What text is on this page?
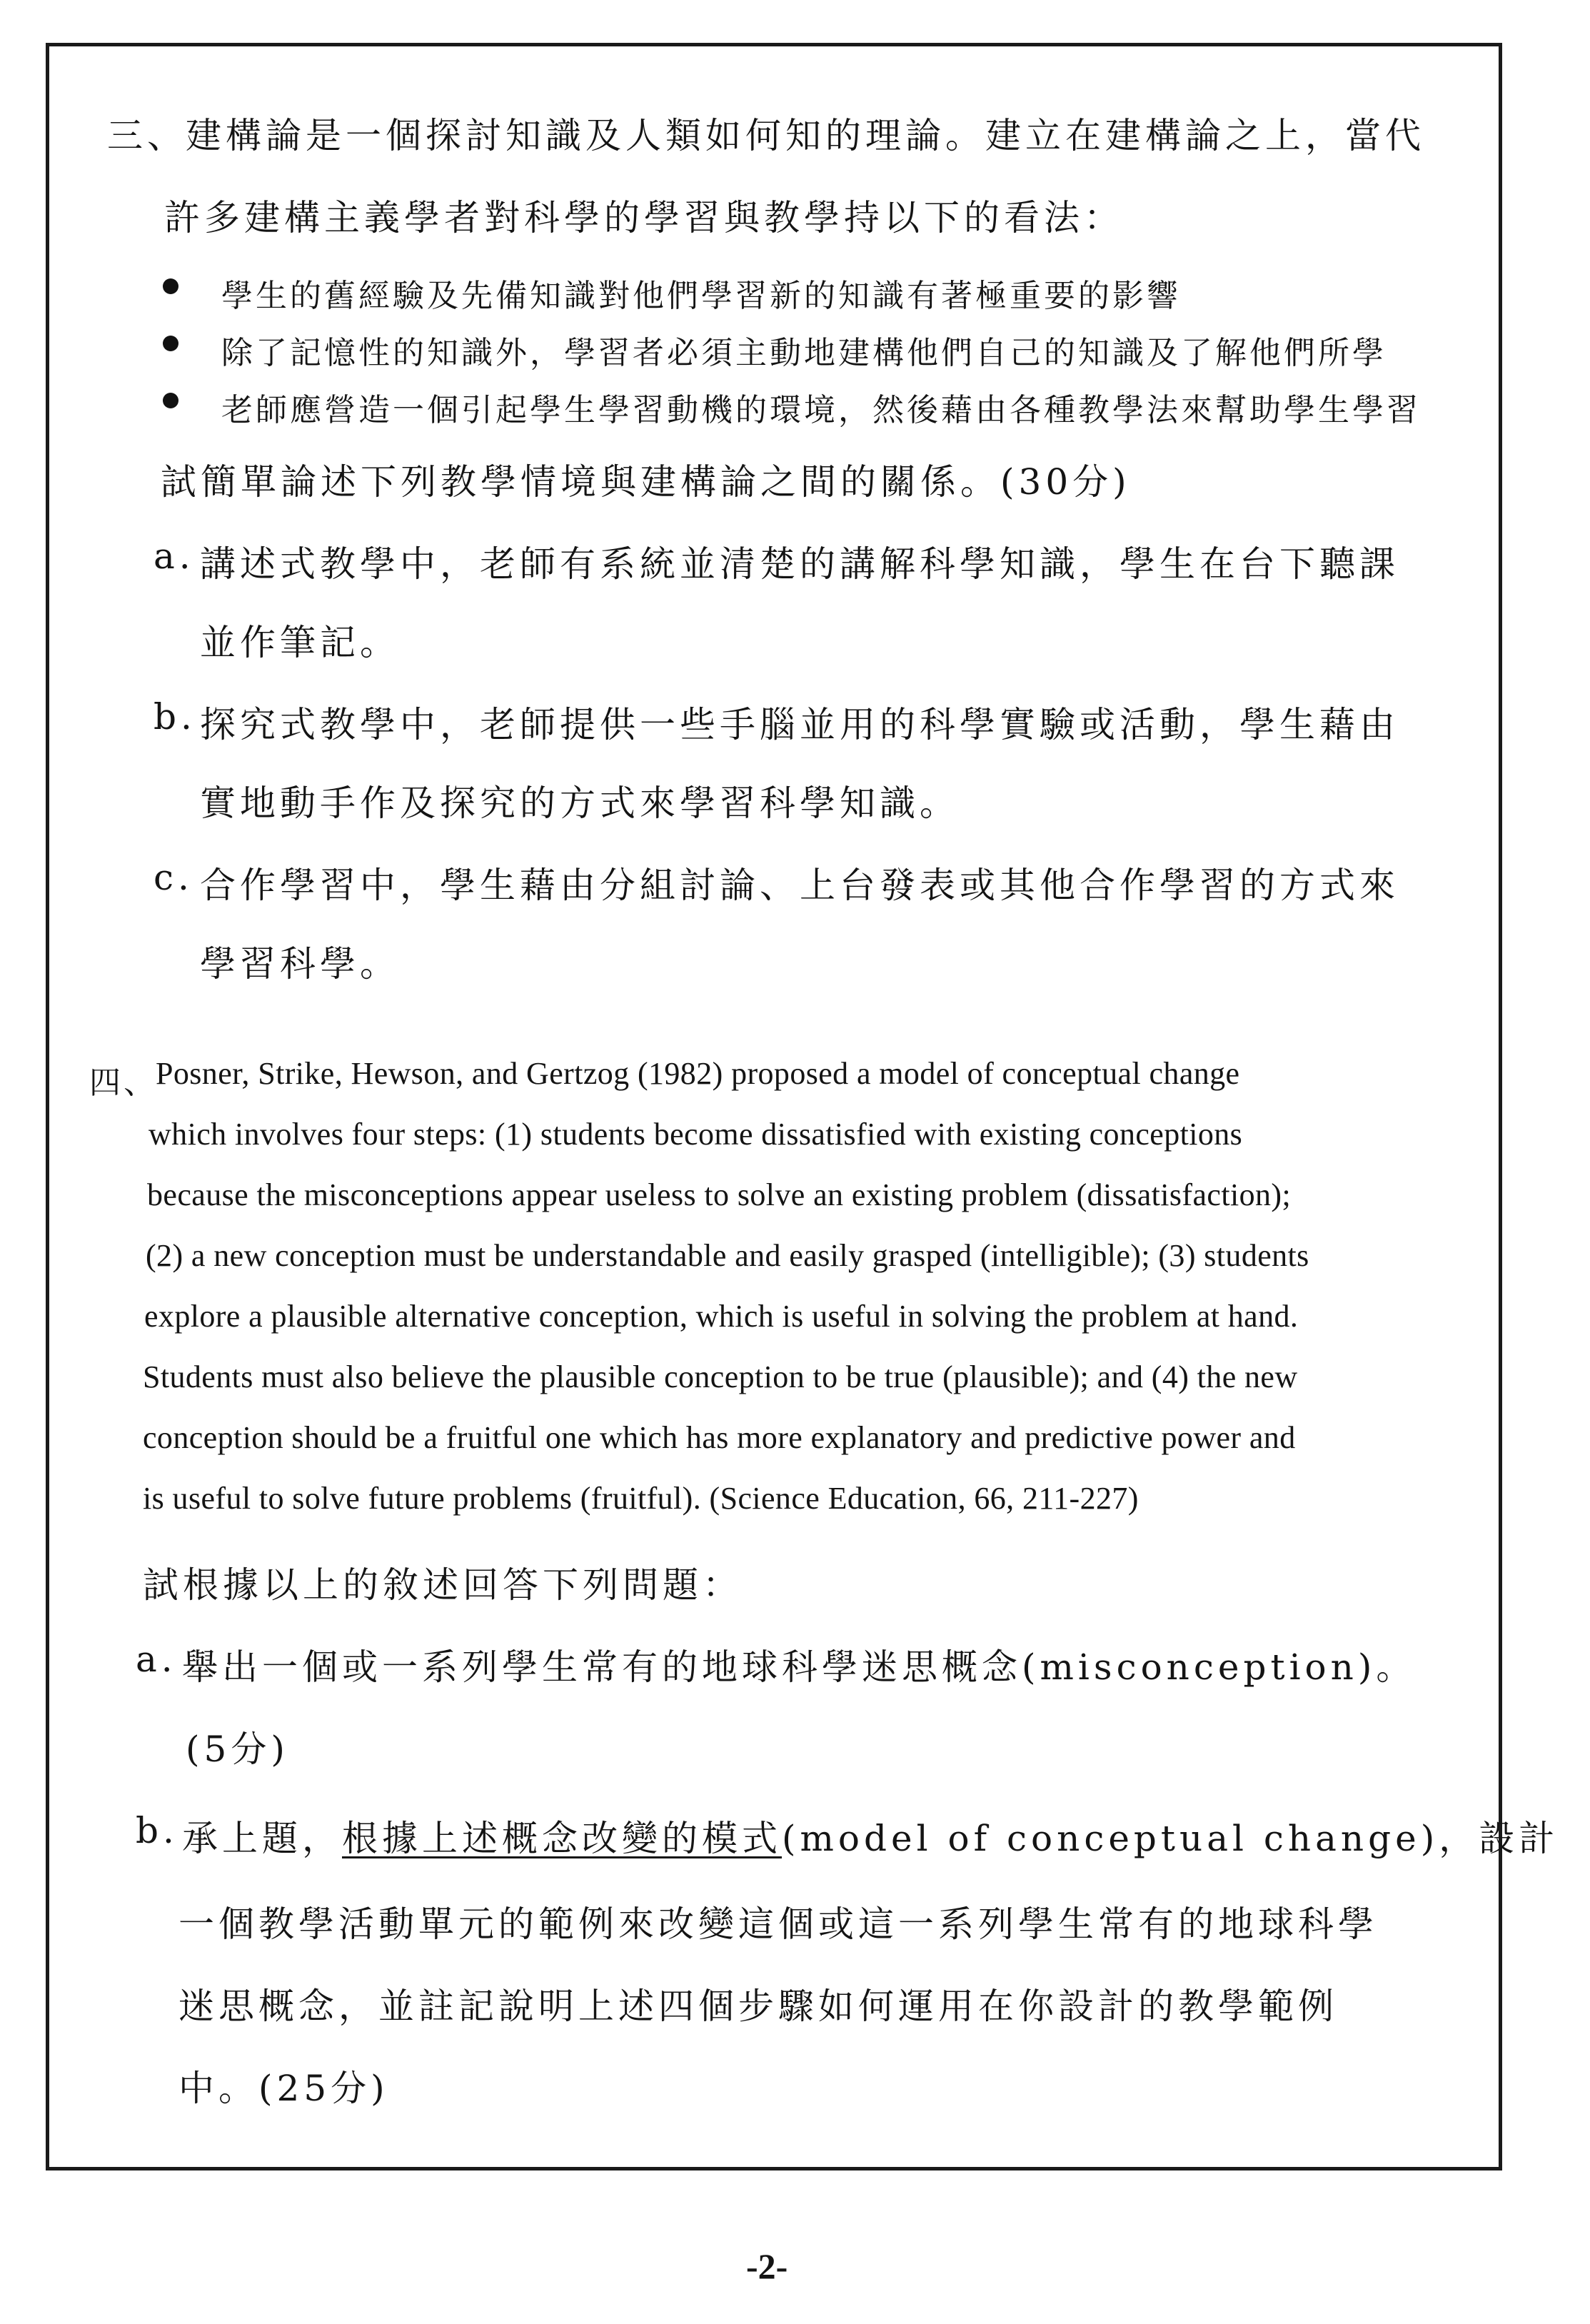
三、
建構論是一個探討知識及人類如何知的理論。建立在建構論之上，當代
許多建構主義學者對科學的學習與教學持以下的看法：
學生的舊經驗及先備知識對他們學習新的知識有著極重要的影響
除了記憶性的知識外，學習者必須主動地建構他們自己的知識及了解他們所學
老師應營造一個引起學生學習動機的環境，然後藉由各種教學法來幫助學生學習
試簡單論述下列教學情境與建構論之間的關係。(30分)
a. 講述式教學中，老師有系統並清楚的講解科學知識，學生在台下聽課
並作筆記。
b. 探究式教學中，老師提供一些手腦並用的科學實驗或活動，學生藉由
實地動手作及探究的方式來學習科學知識。
c. 合作學習中，學生藉由分組討論、上台發表或其他合作學習的方式來
學習科學。
四、
Posner, Strike, Hewson, and Gertzog (1982) proposed a model of conceptual change
which involves four steps: (1) students become dissatisfied with existing conceptions
because the misconceptions appear useless to solve an existing problem (dissatisfaction);
(2) a new conception must be understandable and easily grasped (intelligible); (3) students
explore a plausible alternative conception, which is useful in solving the problem at hand.
Students must also believe the plausible conception to be true (plausible); and (4) the new
conception should be a fruitful one which has more explanatory and predictive power and
is useful to solve future problems (fruitful). (Science Education, 66, 211-227)
試根據以上的敘述回答下列問題：
a. 舉出一個或一系列學生常有的地球科學迷思概念(misconception)。
(5分)
b. 承上題，根據上述概念改變的模式(model of conceptual change)，設計
一個教學活動單元的範例來改變這個或這一系列學生常有的地球科學
迷思概念，並註記說明上述四個步驟如何運用在你設計的教學範例
中。(25分)
-2-
